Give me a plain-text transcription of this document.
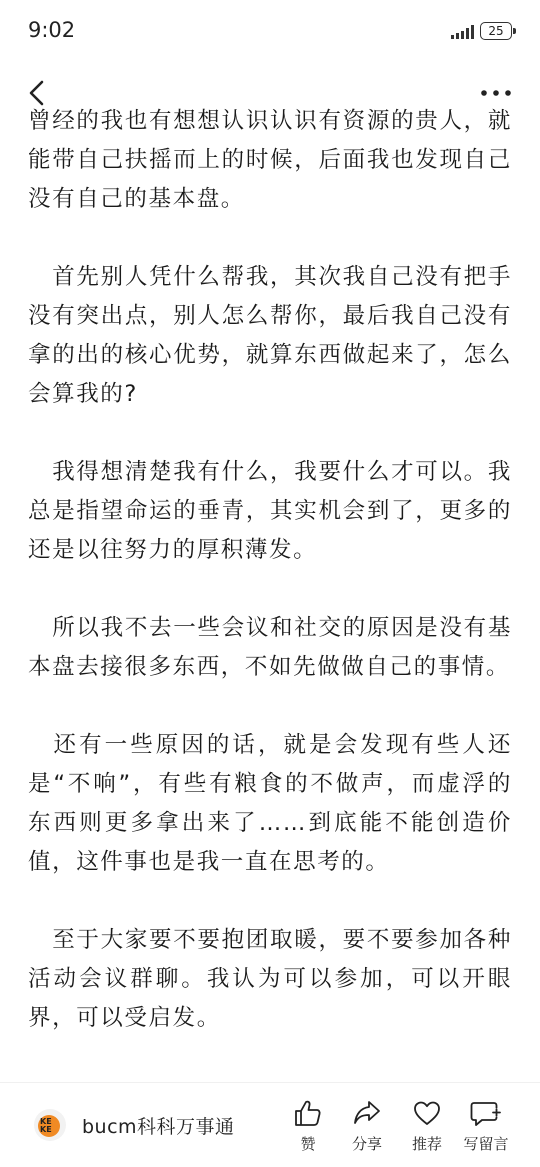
9:02	25

曾经的我也有想想认识认识有资源的贵人，就能带自己扶摇而上的时候，后面我也发现自己没有自己的基本盘。

　首先别人凭什么帮我，其次我自己没有把手没有突出点，别人怎么帮你，最后我自己没有拿的出的核心优势，就算东西做起来了，怎么会算我的?

　我得想清楚我有什么，我要什么才可以。我总是指望命运的垂青，其实机会到了，更多的还是以往努力的厚积薄发。

　所以我不去一些会议和社交的原因是没有基本盘去接很多东西，不如先做做自己的事情。

　还有一些原因的话，就是会发现有些人还是“不响”，有些有粮食的不做声，而虚浮的东西则更多拿出来了……到底能不能创造价值，这件事也是我一直在思考的。

　至于大家要不要抱团取暖，要不要参加各种活动会议群聊。我认为可以参加，可以开眼界，可以受启发。

KE
KE bucm科科万事通
赞	分享	推荐	写留言
